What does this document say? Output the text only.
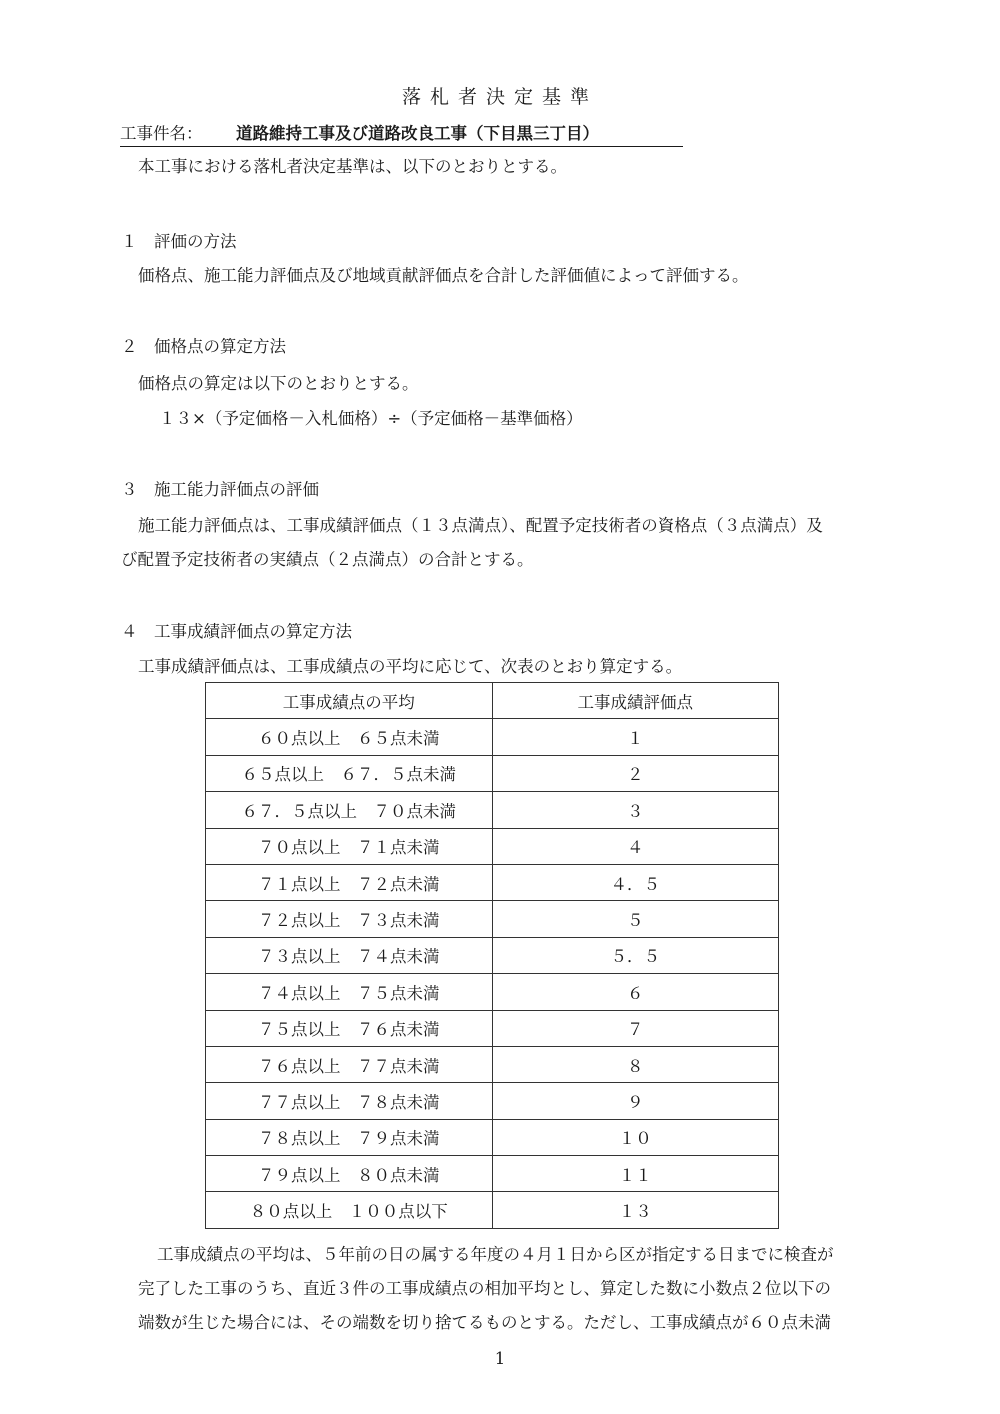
落札者決定基準
工事件名： 道路維持工事及び道路改良工事（下目黒三丁目）
本工事における落札者決定基準は、以下のとおりとする。
１　評価の方法
価格点、施工能力評価点及び地域貢献評価点を合計した評価値によって評価する。
２　価格点の算定方法
価格点の算定は以下のとおりとする。
１３×（予定価格－入札価格）÷（予定価格－基準価格）
３　施工能力評価点の評価
施工能力評価点は、工事成績評価点（１３点満点）、配置予定技術者の資格点（３点満点）及
び配置予定技術者の実績点（２点満点）の合計とする。
４　工事成績評価点の算定方法
工事成績評価点は、工事成績点の平均に応じて、次表のとおり算定する。
工事成績点の平均	工事成績評価点
６０点以上　６５点未満	１
６５点以上　６７．５点未満	２
６７．５点以上　７０点未満	３
７０点以上　７１点未満	４
７１点以上　７２点未満	４．５
７２点以上　７３点未満	５
７３点以上　７４点未満	５．５
７４点以上　７５点未満	６
７５点以上　７６点未満	７
７６点以上　７７点未満	８
７７点以上　７８点未満	９
７８点以上　７９点未満	１０
７９点以上　８０点未満	１１
８０点以上　１００点以下	１３
工事成績点の平均は、５年前の日の属する年度の４月１日から区が指定する日までに検査が
完了した工事のうち、直近３件の工事成績点の相加平均とし、算定した数に小数点２位以下の
端数が生じた場合には、その端数を切り捨てるものとする。ただし、工事成績点が６０点未満
1
